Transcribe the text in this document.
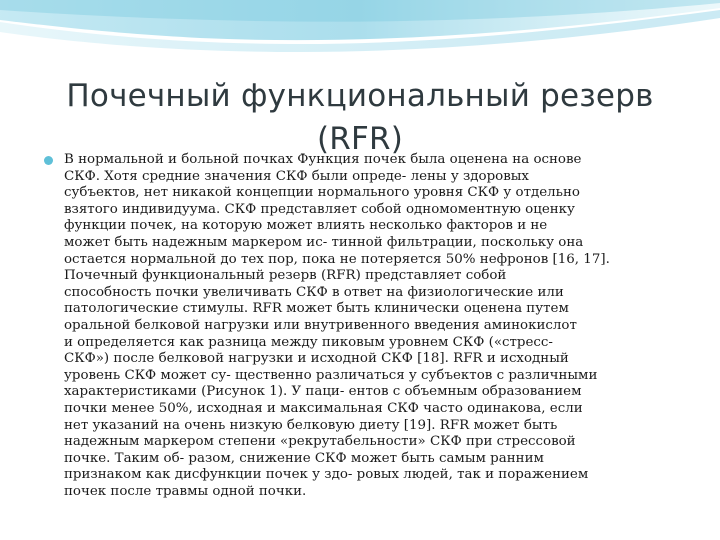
Почечный функциональный резерв
(RFR)

В нормальной и больной почках Функция почек была оценена на основе
СКФ. Хотя средние значения СКФ были опреде- лены у здоровых
субъектов, нет никакой концепции нормального уровня СКФ у отдельно
взятого индивидуума. СКФ представляет собой одномоментную оценку
функции почек, на которую может влиять несколько факторов и не
может быть надежным маркером ис- тинной фильтрации, поскольку она
остается нормальной до тех пор, пока не потеряется 50% нефронов [16, 17].
Почечный функциональный резерв (RFR) представляет собой
способность почки увеличивать СКФ в ответ на физиологические или
патологические стимулы. RFR может быть клинически оценена путем
оральной белковой нагрузки или внутривенного введения аминокислот
и определяется как разница между пиковым уровнем СКФ («стресс-
СКФ») после белковой нагрузки и исходной СКФ [18]. RFR и исходный
уровень СКФ может су- щественно различаться у субъектов с различными
характеристиками (Рисунок 1). У паци- ентов с объемным образованием
почки менее 50%, исходная и максимальная СКФ часто одинакова, если
нет указаний на очень низкую белковую диету [19]. RFR может быть
надежным маркером степени «рекрутабельности» СКФ при стрессовой
почке. Таким об- разом, снижение СКФ может быть самым ранним
признаком как дисфункции почек у здо- ровых людей, так и поражением
почек после травмы одной почки.
